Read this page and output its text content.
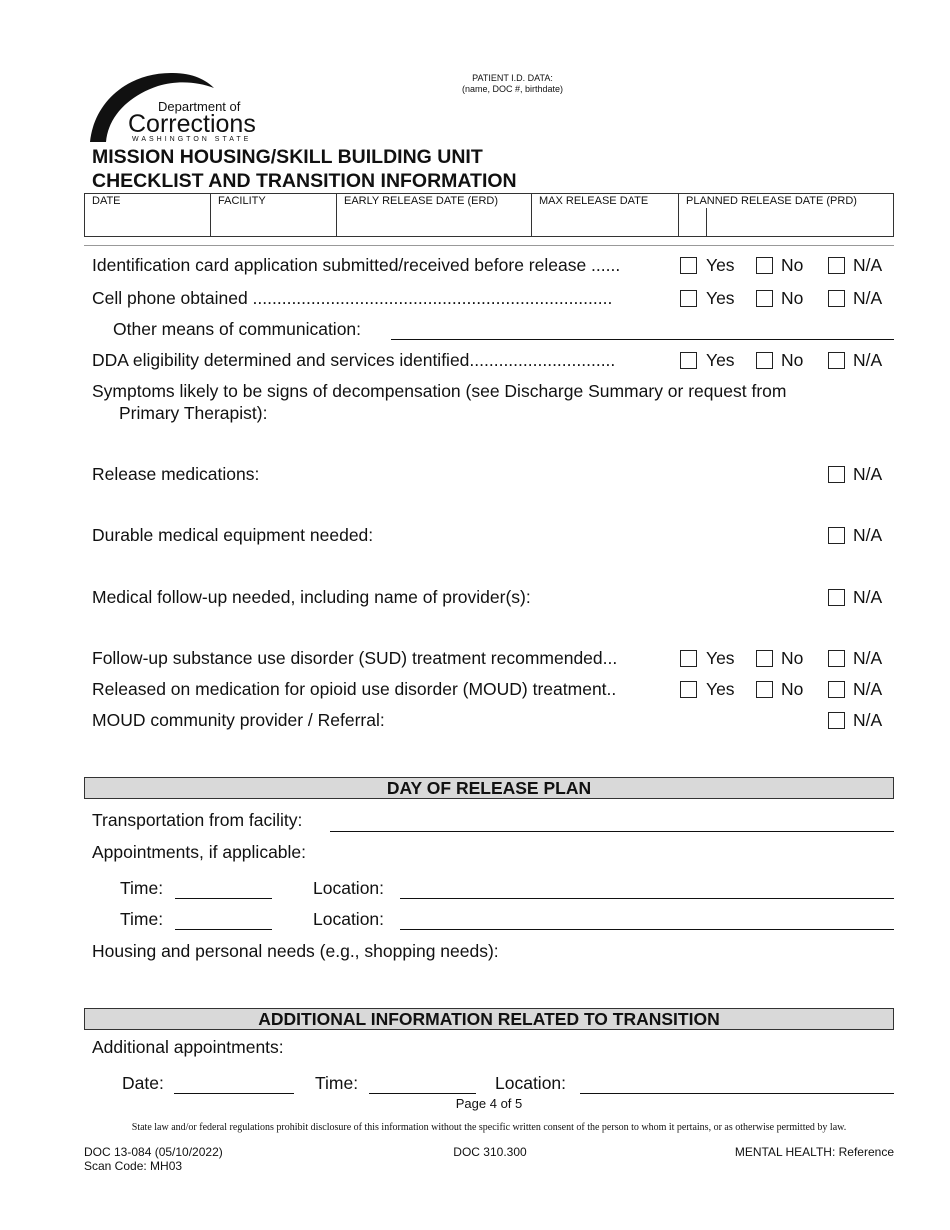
Department of
Corrections
WASHINGTON STATE
PATIENT I.D. DATA:
(name, DOC #, birthdate)
MISSION HOUSING/SKILL BUILDING UNIT
CHECKLIST AND TRANSITION INFORMATION
DATE	FACILITY	EARLY RELEASE DATE (ERD)	MAX RELEASE DATE	PLANNED RELEASE DATE (PRD)
Identification card application submitted/received before release ......	Yes	No	N/A
Cell phone obtained ..........................................................................	Yes	No	N/A
Other means of communication:
DDA eligibility determined and services identified..............................	Yes	No	N/A
Symptoms likely to be signs of decompensation (see Discharge Summary or request from
Primary Therapist):
Release medications:	N/A
Durable medical equipment needed:	N/A
Medical follow-up needed, including name of provider(s):	N/A
Follow-up substance use disorder (SUD) treatment recommended...	Yes	No	N/A
Released on medication for opioid use disorder (MOUD) treatment..	Yes	No	N/A
MOUD community provider / Referral:	N/A
DAY OF RELEASE PLAN
Transportation from facility:
Appointments, if applicable:
Time:	Location:
Time:	Location:
Housing and personal needs (e.g., shopping needs):
ADDITIONAL INFORMATION RELATED TO TRANSITION
Additional appointments:
Date:	Time:	Location:
Page 4 of 5
State law and/or federal regulations prohibit disclosure of this information without the specific written consent of the person to whom it pertains, or as otherwise permitted by law.
DOC 13-084 (05/10/2022)
Scan Code: MH03
DOC 310.300	MENTAL HEALTH: Reference
